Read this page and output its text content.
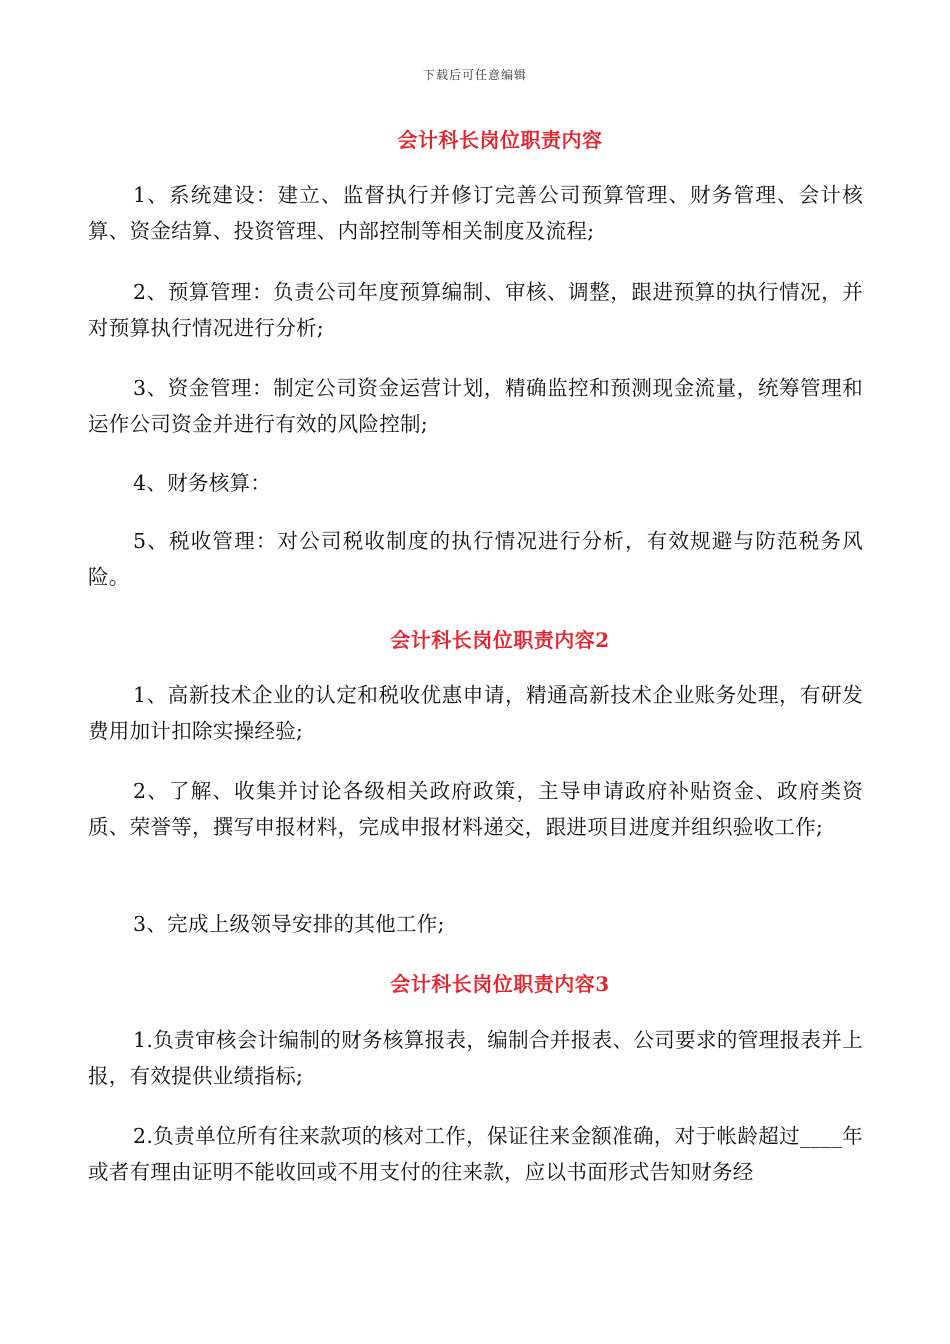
下载后可任意编辑
会计科长岗位职责内容

1、系统建设：建立、监督执行并修订完善公司预算管理、财务管理、会计核算、资金结算、投资管理、内部控制等相关制度及流程;

2、预算管理：负责公司年度预算编制、审核、调整，跟进预算的执行情况，并对预算执行情况进行分析;

3、资金管理：制定公司资金运营计划，精确监控和预测现金流量，统筹管理和运作公司资金并进行有效的风险控制;

4、财务核算：

5、税收管理：对公司税收制度的执行情况进行分析，有效规避与防范税务风险。

会计科长岗位职责内容2

1、高新技术企业的认定和税收优惠申请，精通高新技术企业账务处理，有研发费用加计扣除实操经验;

2、了解、收集并讨论各级相关政府政策，主导申请政府补贴资金、政府类资质、荣誉等，撰写申报材料，完成申报材料递交，跟进项目进度并组织验收工作;

3、完成上级领导安排的其他工作;

会计科长岗位职责内容3

1.负责审核会计编制的财务核算报表，编制合并报表、公司要求的管理报表并上报，有效提供业绩指标;

2.负责单位所有往来款项的核对工作，保证往来金额准确，对于帐龄超过____年或者有理由证明不能收回或不用支付的往来款，应以书面形式告知财务经
